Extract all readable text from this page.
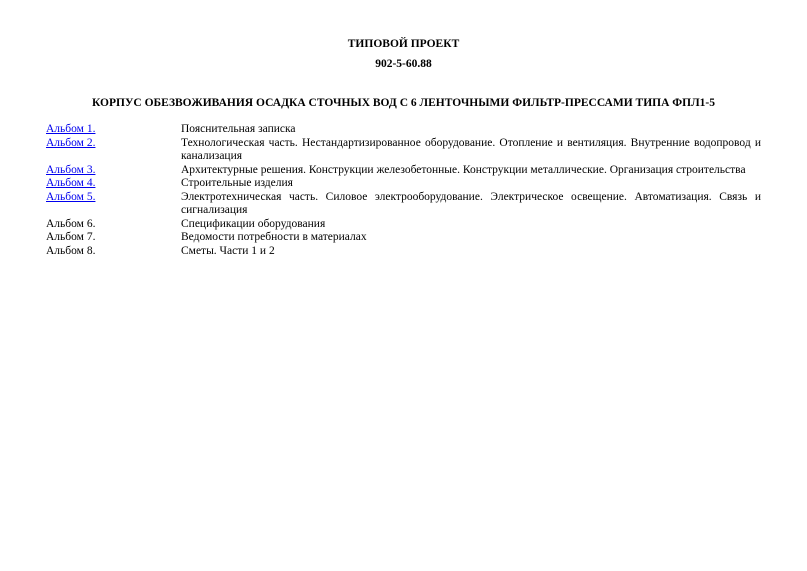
ТИПОВОЙ ПРОЕКТ
902-5-60.88
КОРПУС ОБЕЗВОЖИВАНИЯ ОСАДКА СТОЧНЫХ ВОД С 6 ЛЕНТОЧНЫМИ ФИЛЬТР-ПРЕССАМИ ТИПА ФПЛ1-5
Альбом 1.	Пояснительная записка
Альбом 2.	Технологическая часть. Нестандартизированное оборудование. Отопление и вентиляция. Внутренние водопровод и канализация
Альбом 3.	Архитектурные решения. Конструкции железобетонные. Конструкции металлические. Организация строительства
Альбом 4.	Строительные изделия
Альбом 5.	Электротехническая часть. Силовое электрооборудование. Электрическое освещение. Автоматизация. Связь и сигнализация
Альбом 6.	Спецификации оборудования
Альбом 7.	Ведомости потребности в материалах
Альбом 8.	Сметы. Части 1 и 2
